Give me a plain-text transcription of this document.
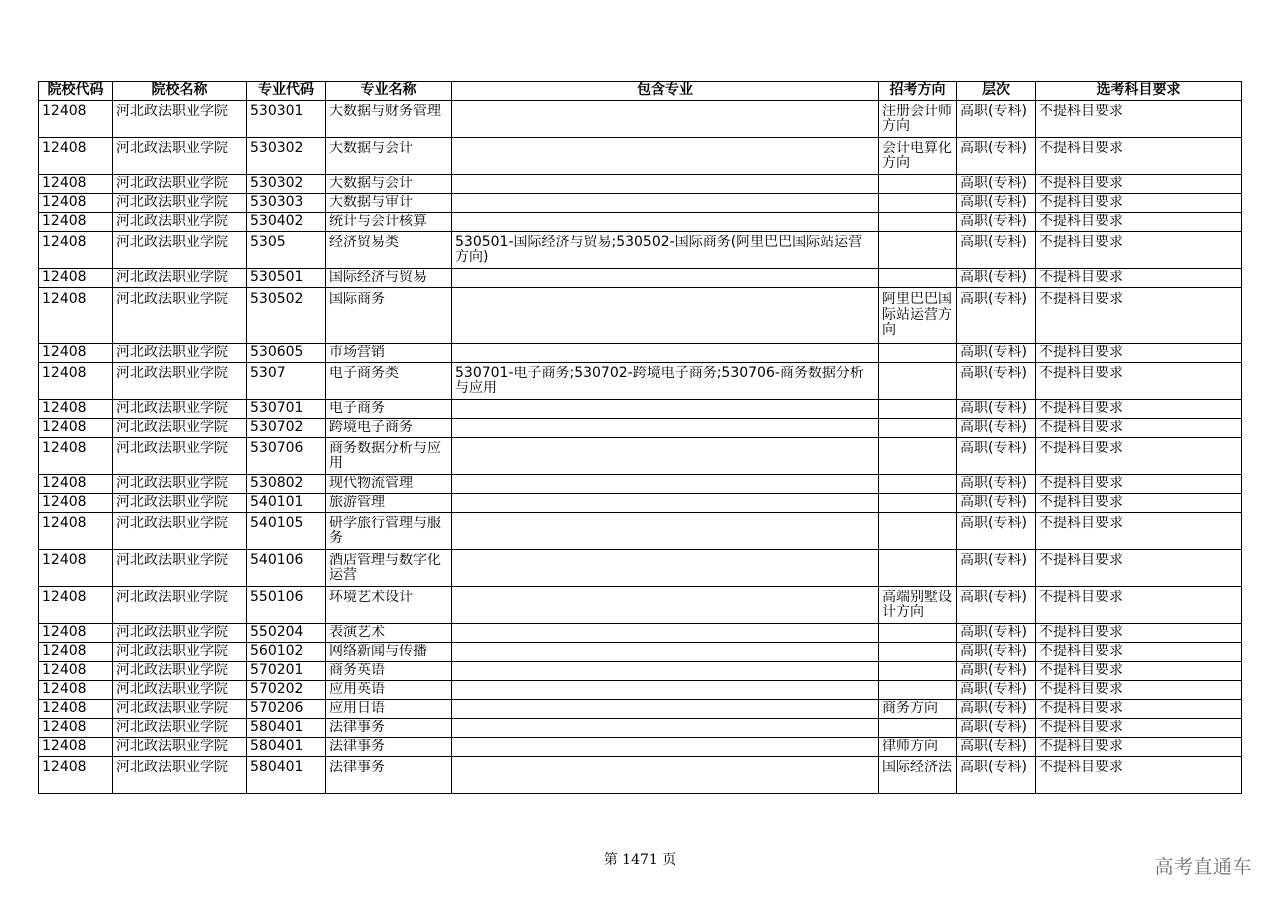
院校代码	院校名称	专业代码	专业名称	包含专业	招考方向	层次	选考科目要求

12408	河北政法职业学院	530301	大数据与财务管理		注册会计师方向	高职(专科)	不提科目要求

12408	河北政法职业学院	530302	大数据与会计		会计电算化方向	高职(专科)	不提科目要求

12408	河北政法职业学院	530302	大数据与会计			高职(专科)	不提科目要求

12408	河北政法职业学院	530303	大数据与审计			高职(专科)	不提科目要求

12408	河北政法职业学院	530402	统计与会计核算			高职(专科)	不提科目要求

12408	河北政法职业学院	5305	经济贸易类	530501-国际经济与贸易;530502-国际商务(阿里巴巴国际站运营方向)		高职(专科)	不提科目要求

12408	河北政法职业学院	530501	国际经济与贸易			高职(专科)	不提科目要求

12408	河北政法职业学院	530502	国际商务		阿里巴巴国际站运营方向	高职(专科)	不提科目要求

12408	河北政法职业学院	530605	市场营销			高职(专科)	不提科目要求

12408	河北政法职业学院	5307	电子商务类	530701-电子商务;530702-跨境电子商务;530706-商务数据分析与应用		高职(专科)	不提科目要求

12408	河北政法职业学院	530701	电子商务			高职(专科)	不提科目要求

12408	河北政法职业学院	530702	跨境电子商务			高职(专科)	不提科目要求

12408	河北政法职业学院	530706	商务数据分析与应用			高职(专科)	不提科目要求

12408	河北政法职业学院	530802	现代物流管理			高职(专科)	不提科目要求

12408	河北政法职业学院	540101	旅游管理			高职(专科)	不提科目要求

12408	河北政法职业学院	540105	研学旅行管理与服务			高职(专科)	不提科目要求

12408	河北政法职业学院	540106	酒店管理与数字化运营			高职(专科)	不提科目要求

12408	河北政法职业学院	550106	环境艺术设计		高端别墅设计方向	高职(专科)	不提科目要求

12408	河北政法职业学院	550204	表演艺术			高职(专科)	不提科目要求

12408	河北政法职业学院	560102	网络新闻与传播			高职(专科)	不提科目要求

12408	河北政法职业学院	570201	商务英语			高职(专科)	不提科目要求

12408	河北政法职业学院	570202	应用英语			高职(专科)	不提科目要求

12408	河北政法职业学院	570206	应用日语		商务方向	高职(专科)	不提科目要求

12408	河北政法职业学院	580401	法律事务			高职(专科)	不提科目要求

12408	河北政法职业学院	580401	法律事务		律师方向	高职(专科)	不提科目要求

12408	河北政法职业学院	580401	法律事务		国际经济法	高职(专科)	不提科目要求
第 1471 页	高考直通车
